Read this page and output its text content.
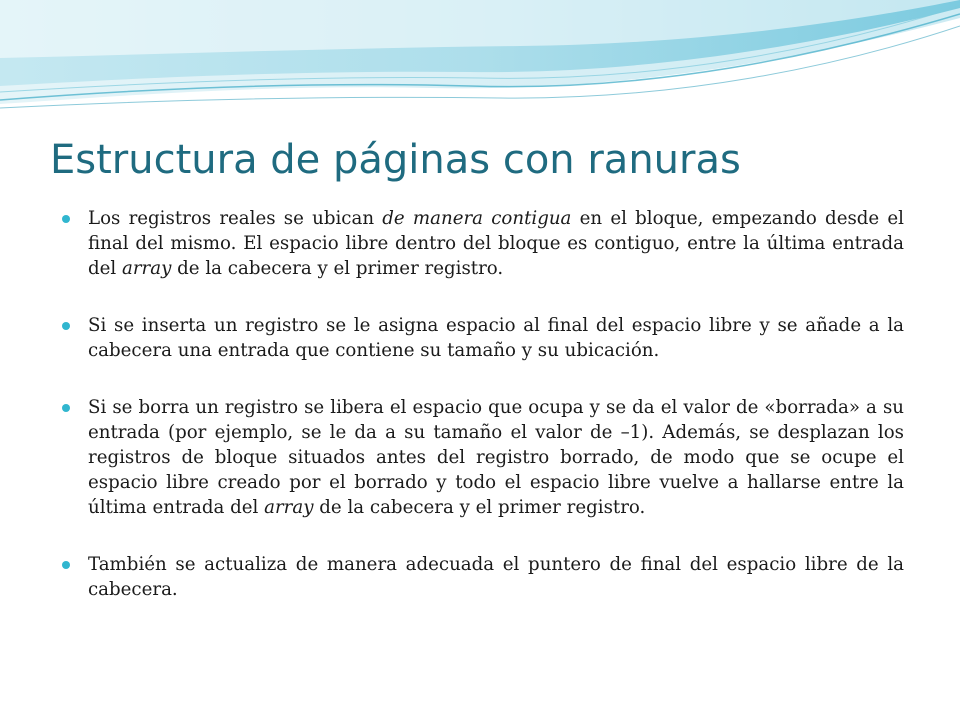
Estructura de páginas con ranuras
Los registros reales se ubican de manera contigua en el bloque, empezando desde el final del mismo. El espacio libre dentro del bloque es contiguo, entre la última entrada del array de la cabecera y el primer registro.
Si se inserta un registro se le asigna espacio al final del espacio libre y se añade a la cabecera una entrada que contiene su tamaño y su ubicación.
Si se borra un registro se libera el espacio que ocupa y se da el valor de «borrada» a su entrada (por ejemplo, se le da a su tamaño el valor de –1). Además, se desplazan los registros de bloque situados antes del registro borrado, de modo que se ocupe el espacio libre creado por el borrado y todo el espacio libre vuelve a hallarse entre la última entrada del array de la cabecera y el primer registro.
También se actualiza de manera adecuada el puntero de final del espacio libre de la cabecera.
